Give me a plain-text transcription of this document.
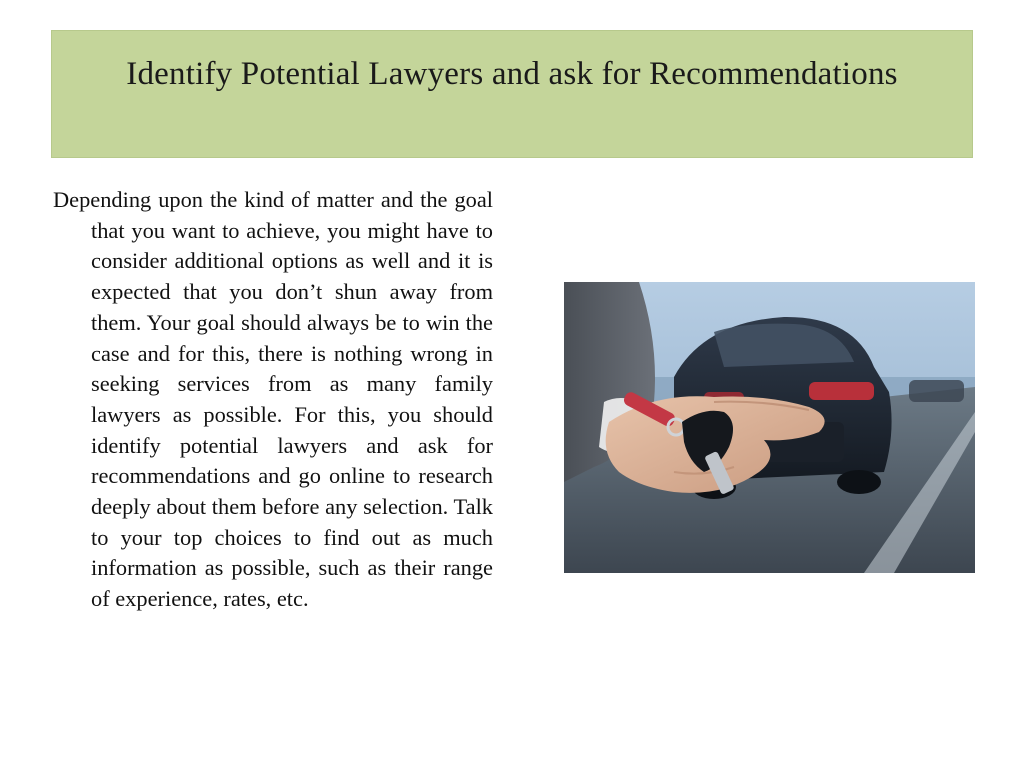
Identify Potential Lawyers and ask for Recommendations
Depending upon the kind of matter and the goal that you want to achieve, you might have to consider additional options as well and it is expected that you don’t shun away from them. Your goal should always be to win the case and for this, there is nothing wrong in seeking services from as many family lawyers as possible. For this, you should identify potential lawyers and ask for recommendations and go online to research deeply about them before any selection. Talk to your top choices to find out as much information as possible, such as their range of experience, rates, etc.
